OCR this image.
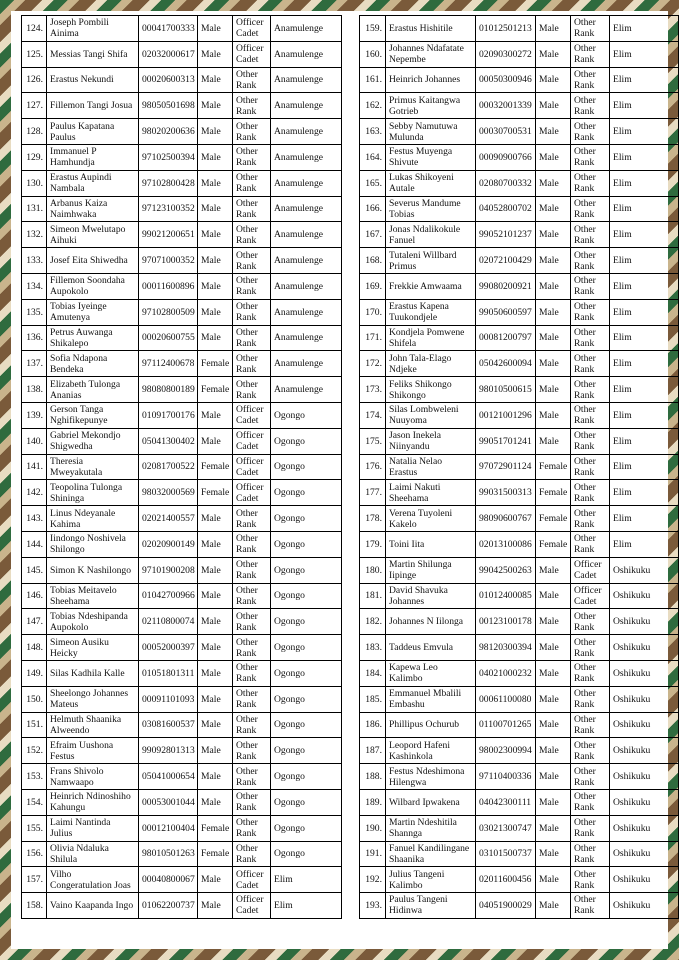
124.	Joseph Pombili Ainima	00041700333	Male	Officer Cadet	Anamulenge
125.	Messias Tangi Shifa	02032000617	Male	Officer Cadet	Anamulenge
126.	Erastus Nekundi	00020600313	Male	Other Rank	Anamulenge
127.	Fillemon Tangi Josua	98050501698	Male	Other Rank	Anamulenge
128.	Paulus Kapatana Paulus	98020200636	Male	Other Rank	Anamulenge
129.	Immanuel P Hamhundja	97102500394	Male	Other Rank	Anamulenge
130.	Erastus Aupindi Nambala	97102800428	Male	Other Rank	Anamulenge
131.	Arbanus Kaiza Naimhwaka	97123100352	Male	Other Rank	Anamulenge
132.	Simeon Mwelutapo Aihuki	99021200651	Male	Other Rank	Anamulenge
133.	Josef Eita Shiwedha	97071000352	Male	Other Rank	Anamulenge
134.	Fillemon Soondaha Aupokolo	00011600896	Male	Other Rank	Anamulenge
135.	Tobias Iyeinge Amutenya	97102800509	Male	Other Rank	Anamulenge
136.	Petrus Auwanga Shikalepo	00020600755	Male	Other Rank	Anamulenge
137.	Sofia Ndapona Bendeka	97112400678	Female	Other Rank	Anamulenge
138.	Elizabeth Tulonga Ananias	98080800189	Female	Other Rank	Anamulenge
139.	Gerson Tanga Nghifikepunye	01091700176	Male	Officer Cadet	Ogongo
140.	Gabriel Mekondjo Shigwedha	05041300402	Male	Officer Cadet	Ogongo
141.	Theresia Mweyakutala	02081700522	Female	Officer Cadet	Ogongo
142.	Teopolina Tulonga Shininga	98032000569	Female	Officer Cadet	Ogongo
143.	Linus Ndeyanale Kahima	02021400557	Male	Other Rank	Ogongo
144.	Iindongo Noshivela Shilongo	02020900149	Male	Other Rank	Ogongo
145.	Simon K Nashilongo	97101900208	Male	Other Rank	Ogongo
146.	Tobias Meitavelo Sheehama	01042700966	Male	Other Rank	Ogongo
147.	Tobias Ndeshipanda Aupokolo	02110800074	Male	Other Rank	Ogongo
148.	Simeon Ausiku Heicky	00052000397	Male	Other Rank	Ogongo
149.	Silas Kadhila Kalle	01051801311	Male	Other Rank	Ogongo
150.	Sheelongo Johannes Mateus	00091101093	Male	Other Rank	Ogongo
151.	Helmuth Shaanika Alweendo	03081600537	Male	Other Rank	Ogongo
152.	Efraim Uushona Festus	99092801313	Male	Other Rank	Ogongo
153.	Frans Shivolo Namwaapo	05041000654	Male	Other Rank	Ogongo
154.	Heinrich Ndinoshiho Kahungu	00053001044	Male	Other Rank	Ogongo
155.	Laimi Nantinda Julius	00012100404	Female	Other Rank	Ogongo
156.	Olivia Ndaluka Shilula	98010501263	Female	Other Rank	Ogongo
157.	Vilho Congeratulation Joas	00040800067	Male	Officer Cadet	Elim
158.	Vaino Kaapanda Ingo	01062200737	Male	Officer Cadet	Elim
159.	Erastus Hishitile	01012501213	Male	Other Rank	Elim
160.	Johannes Ndafatate Nepembe	02090300272	Male	Other Rank	Elim
161.	Heinrich Johannes	00050300946	Male	Other Rank	Elim
162.	Primus Kaitangwa Gotrieb	00032001339	Male	Other Rank	Elim
163.	Sebby Namutuwa Mulunda	00030700531	Male	Other Rank	Elim
164.	Festus Muyenga Shivute	00090900766	Male	Other Rank	Elim
165.	Lukas Shikoyeni Autale	02080700332	Male	Other Rank	Elim
166.	Severus Mandume Tobias	04052800702	Male	Other Rank	Elim
167.	Jonas Ndalikokule Fanuel	99052101237	Male	Other Rank	Elim
168.	Tutaleni Willbard Primus	02072100429	Male	Other Rank	Elim
169.	Frekkie Amwaama	99080200921	Male	Other Rank	Elim
170.	Erastus Kapena Tuukondjele	99050600597	Male	Other Rank	Elim
171.	Kondjela Pomwene Shifela	00081200797	Male	Other Rank	Elim
172.	John Tala-Elago Ndjeke	05042600094	Male	Other Rank	Elim
173.	Feliks Shikongo Shikongo	98010500615	Male	Other Rank	Elim
174.	Silas Lombweleni Nuuyoma	00121001296	Male	Other Rank	Elim
175.	Jason Inekela Niinyandu	99051701241	Male	Other Rank	Elim
176.	Natalia Nelao Erastus	97072901124	Female	Other Rank	Elim
177.	Laimi Nakuti Sheehama	99031500313	Female	Other Rank	Elim
178.	Verena Tuyoleni Kakelo	98090600767	Female	Other Rank	Elim
179.	Toini Iita	02013100086	Female	Other Rank	Elim
180.	Martin Shilunga Iipinge	99042500263	Male	Officer Cadet	Oshikuku
181.	David Shavuka Johannes	01012400085	Male	Officer Cadet	Oshikuku
182.	Johannes N Iilonga	00123100178	Male	Other Rank	Oshikuku
183.	Taddeus Emvula	98120300394	Male	Other Rank	Oshikuku
184.	Kapewa Leo Kalimbo	04021000232	Male	Other Rank	Oshikuku
185.	Emmanuel Mbalili Embashu	00061100080	Male	Other Rank	Oshikuku
186.	Phillipus Ochurub	01100701265	Male	Other Rank	Oshikuku
187.	Leopord Hafeni Kashinkola	98002300994	Male	Other Rank	Oshikuku
188.	Festus Ndeshimona Hilengwa	97110400336	Male	Other Rank	Oshikuku
189.	Wilbard Ipwakena	04042300111	Male	Other Rank	Oshikuku
190.	Martin Ndeshitila Shannga	03021300747	Male	Other Rank	Oshikuku
191.	Fanuel Kandilingane Shaanika	03101500737	Male	Other Rank	Oshikuku
192.	Julius Tangeni Kalimbo	02011600456	Male	Other Rank	Oshikuku
193.	Paulus Tangeni Hidinwa	04051900029	Male	Other Rank	Oshikuku
